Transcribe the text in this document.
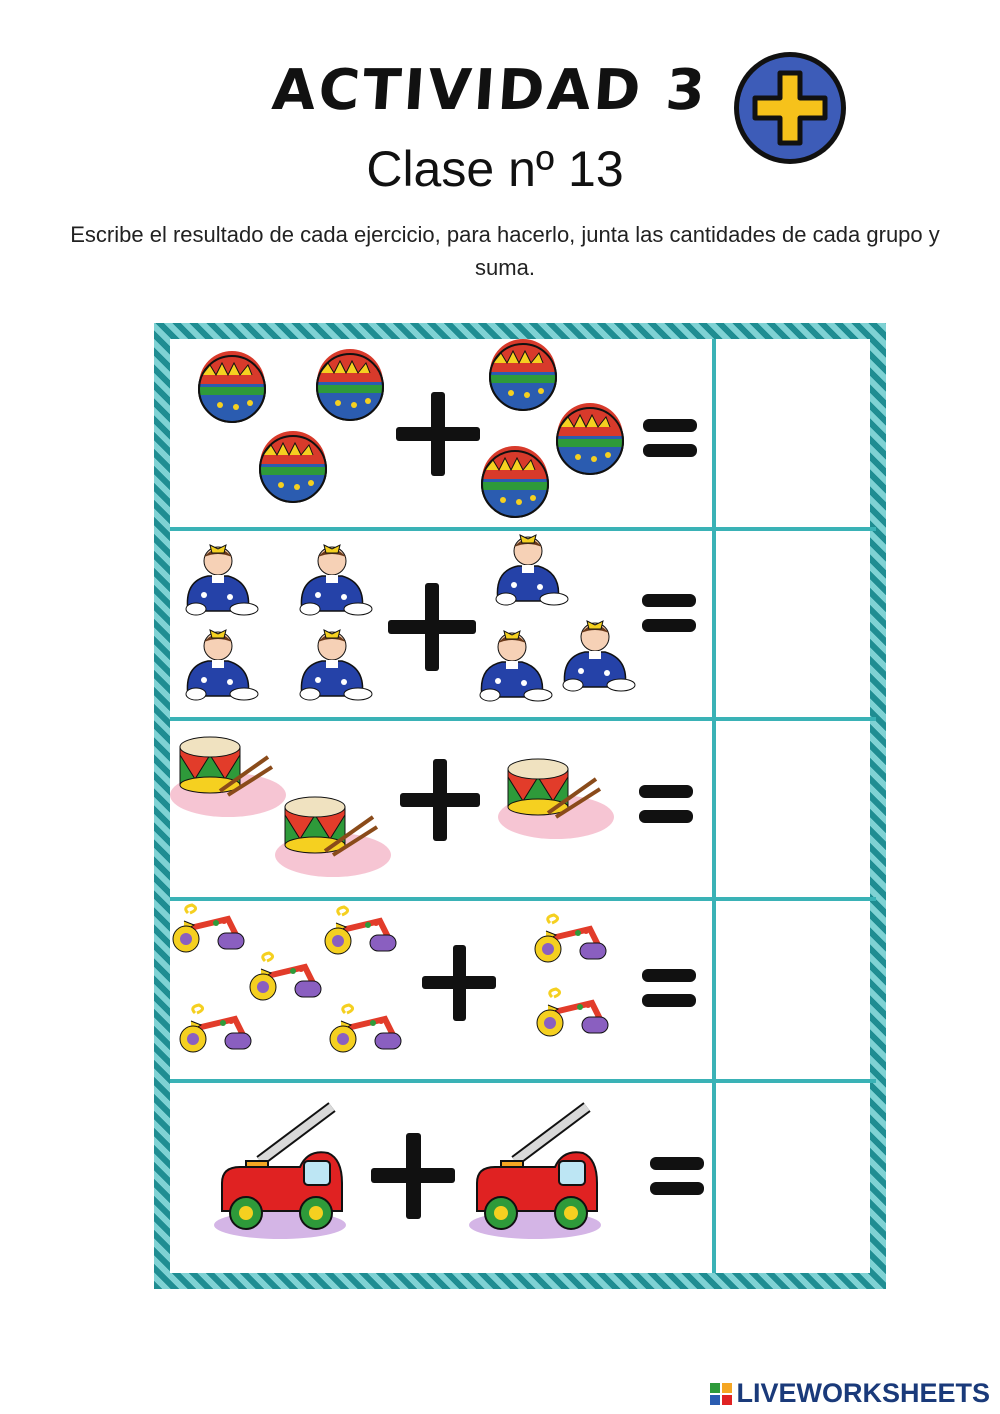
ACTIVIDAD 3
Clase nº 13
Escribe el resultado de cada ejercicio, para hacerlo, junta las cantidades de cada grupo y suma.
LIVEWORKSHEETS
